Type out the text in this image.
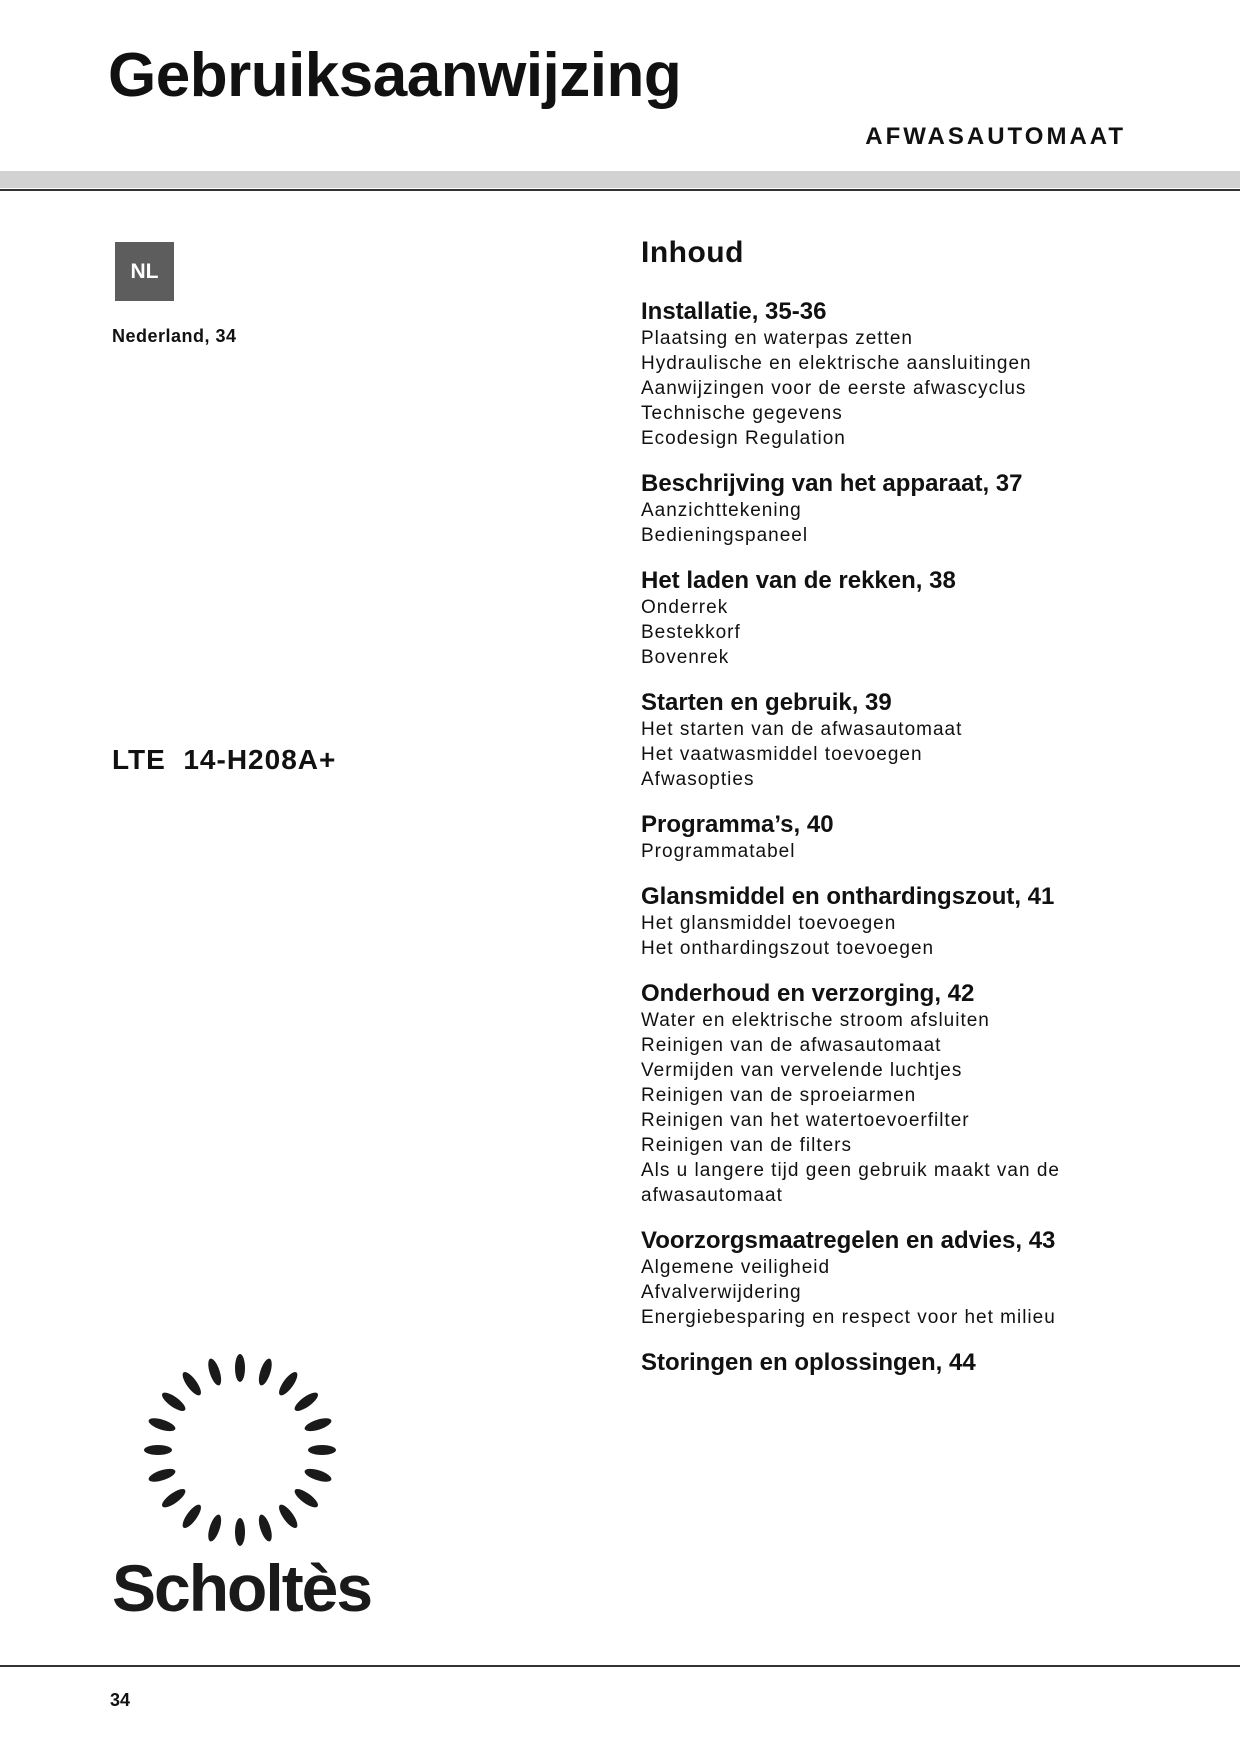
Gebruiksaanwijzing
AFWASAUTOMAAT
NL
Nederland, 34
LTE  14-H208A+
Inhoud
Installatie, 35-36
Plaatsing en waterpas zetten
Hydraulische en elektrische aansluitingen
Aanwijzingen voor de eerste afwascyclus
Technische gegevens
Ecodesign Regulation
Beschrijving van het apparaat, 37
Aanzichttekening
Bedieningspaneel
Het laden van de rekken, 38
Onderrek
Bestekkorf
Bovenrek
Starten en gebruik, 39
Het starten van de afwasautomaat
Het vaatwasmiddel toevoegen
Afwasopties
Programma’s, 40
Programmatabel
Glansmiddel en onthardingszout, 41
Het glansmiddel toevoegen
Het onthardingszout toevoegen
Onderhoud en verzorging, 42
Water en elektrische stroom afsluiten
Reinigen van de afwasautomaat
Vermijden van vervelende luchtjes
Reinigen van de sproeiarmen
Reinigen van het watertoevoerfilter
Reinigen van de filters
Als u langere tijd geen gebruik maakt van de afwasautomaat
Voorzorgsmaatregelen en advies, 43
Algemene veiligheid
Afvalverwijdering
Energiebesparing en respect voor het milieu
Storingen en oplossingen, 44
Scholtès
34
